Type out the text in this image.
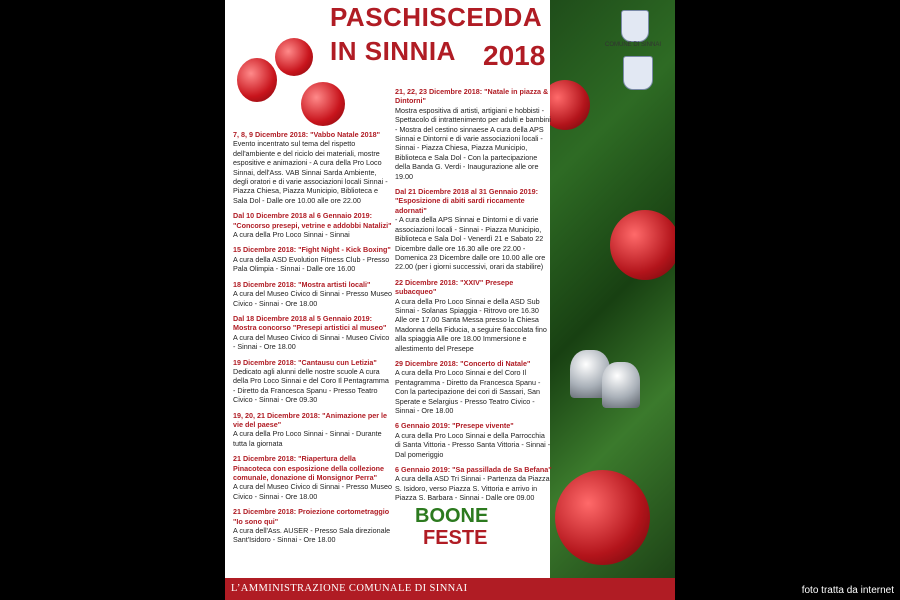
PASCHISCEDDA
IN SINNIA 2018	COMUNE DI SINNAI
7, 8, 9 Dicembre 2018: "Vabbo Natale 2018"
Evento incentrato sul tema del rispetto dell'ambiente e del riciclo dei materiali, mostre espositive e animazioni - A cura della Pro Loco Sinnai, dell'Ass. VAB Sinnai Sarda Ambiente, degli oratori e di varie associazioni locali Sinnai - Piazza Chiesa, Piazza Municipio, Biblioteca e Sala Dol - Dalle ore 10.00 alle ore 22.00
Dal 10 Dicembre 2018 al 6 Gennaio 2019: "Concorso presepi, vetrine e addobbi Natalizi"
A cura della Pro Loco Sinnai - Sinnai
15 Dicembre 2018: "Fight Night - Kick Boxing"
A cura della ASD Evolution Fitness Club - Presso Pala Olimpia - Sinnai - Dalle ore 16.00
18 Dicembre 2018: "Mostra artisti locali"
A cura del Museo Civico di Sinnai - Presso Museo Civico - Sinnai - Ore 18.00
Dal 18 Dicembre 2018 al 5 Gennaio 2019: Mostra concorso "Presepi artistici al museo"
A cura del Museo Civico di Sinnai - Museo Civico - Sinnai - Ore 18.00
19 Dicembre 2018: "Cantausu cun Letizia"
Dedicato agli alunni delle nostre scuole A cura della Pro Loco Sinnai e del Coro Il Pentagramma - Diretto da Francesca Spanu - Presso Teatro Civico - Sinnai - Ore 09.30
19, 20, 21 Dicembre 2018: "Animazione per le vie del paese"
A cura della Pro Loco Sinnai - Sinnai - Durante tutta la giornata
21 Dicembre 2018: "Riapertura della Pinacoteca con esposizione della collezione comunale, donazione di Monsignor Perra"
A cura del Museo Civico di Sinnai - Presso Museo Civico - Sinnai - Ore 18.00
21 Dicembre 2018: Proiezione cortometraggio "Io sono qui"
A cura dell'Ass. AUSER - Presso Sala direzionale Sant'Isidoro - Sinnai - Ore 18.00
21, 22, 23 Dicembre 2018: "Natale in piazza & Dintorni"
Mostra espositiva di artisti, artigiani e hobbisti - Spettacolo di intrattenimento per adulti e bambini - Mostra del cestino sinnaese A cura della APS Sinnai e Dintorni e di varie associazioni locali - Sinnai - Piazza Chiesa, Piazza Municipio, Biblioteca e Sala Dol - Con la partecipazione della Banda G. Verdi - Inaugurazione alle ore 19.00
Dal 21 Dicembre 2018 al 31 Gennaio 2019: "Esposizione di abiti sardi riccamente adornati"
- A cura della APS Sinnai e Dintorni e di varie associazioni locali - Sinnai - Piazza Municipio, Biblioteca e Sala Dol - Venerdì 21 e Sabato 22 Dicembre dalle ore 16.30 alle ore 22.00 - Domenica 23 Dicembre dalle ore 10.00 alle ore 22.00 (per i giorni successivi, orari da stabilire)
22 Dicembre 2018: "XXIV" Presepe subacqueo"
A cura della Pro Loco Sinnai e della ASD Sub Sinnai - Solanas Spiaggia - Ritrovo ore 16.30 Alle ore 17.00 Santa Messa presso la Chiesa Madonna della Fiducia, a seguire fiaccolata fino alla spiaggia Alle ore 18.00 Immersione e allestimento del Presepe
29 Dicembre 2018: "Concerto di Natale"
A cura della Pro Loco Sinnai e del Coro Il Pentagramma - Diretto da Francesca Spanu - Con la partecipazione dei cori di Sassari, San Sperate e Selargius - Presso Teatro Civico - Sinnai - Ore 18.00
6 Gennaio 2019: "Presepe vivente"
A cura della Pro Loco Sinnai e della Parrocchia di Santa Vittoria - Presso Santa Vittoria - Sinnai - Dal pomeriggio
6 Gennaio 2019: "Sa passillada de Sa Befana"
A cura della ASD Tri Sinnai - Partenza da Piazza S. Isidoro, verso Piazza S. Vittoria e arrivo in Piazza S. Barbara - Sinnai - Dalle ore 09.00
BOONE
FESTE
L’AMMINISTRAZIONE COMUNALE DI SINNAI	foto tratta da internet
